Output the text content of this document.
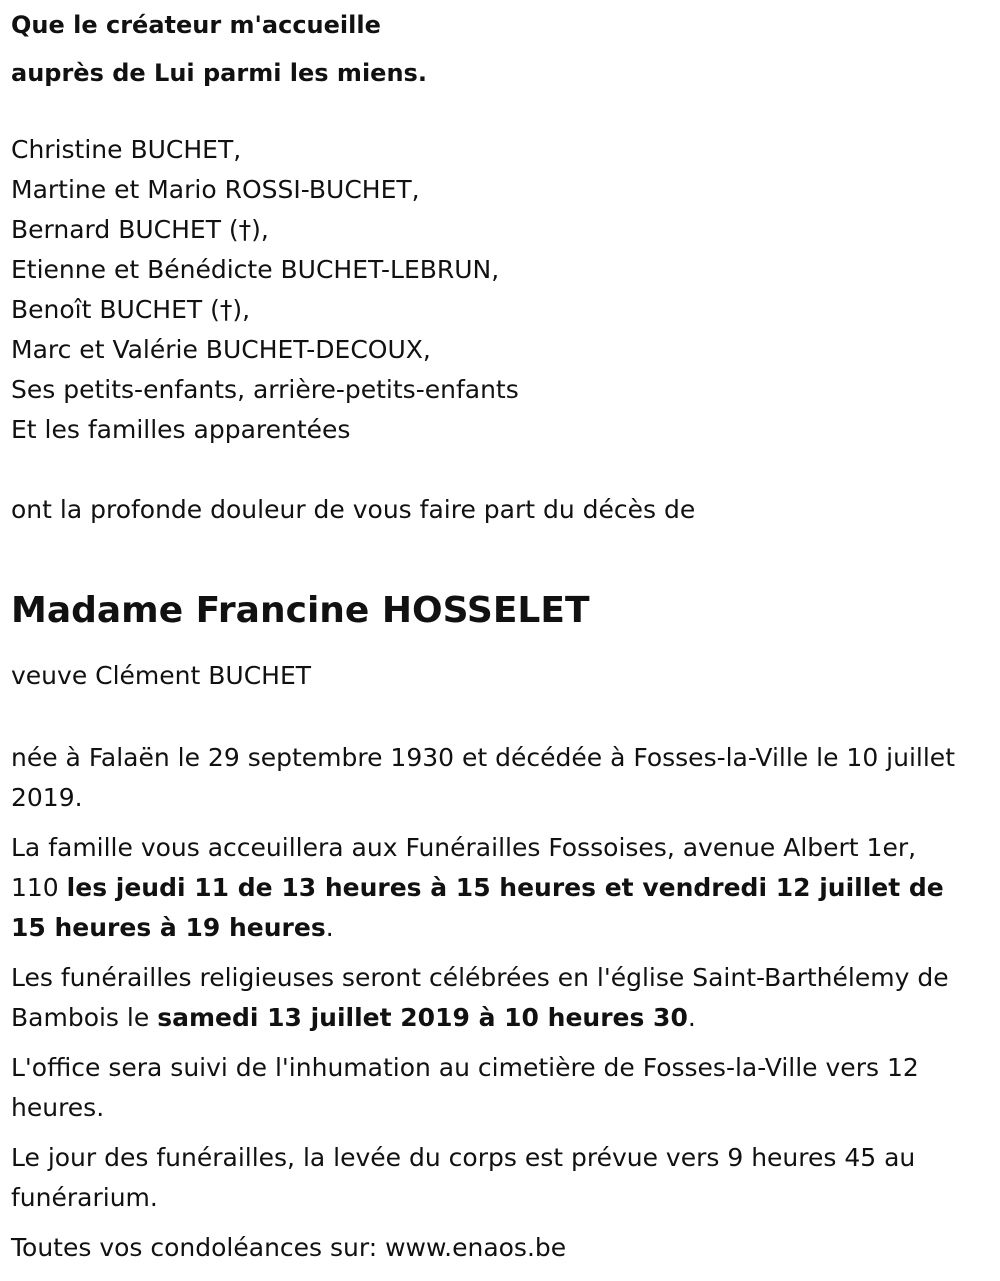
Que le créateur m'accueille

auprès de Lui parmi les miens.

Christine BUCHET,

Martine et Mario ROSSI-BUCHET,

Bernard BUCHET (†),

Etienne et Bénédicte BUCHET-LEBRUN,

Benoît BUCHET (†),

Marc et Valérie BUCHET-DECOUX,

Ses petits-enfants, arrière-petits-enfants

Et les familles apparentées

ont la profonde douleur de vous faire part du décès de

Madame Francine HOSSELET

veuve Clément BUCHET

née à Falaën le 29 septembre 1930 et décédée à Fosses-la-Ville le 10 juillet 2019.

La famille vous acceuillera aux Funérailles Fossoises, avenue Albert 1er, 110 les jeudi 11 de 13 heures à 15 heures et vendredi 12 juillet de 15 heures à 19 heures.

Les funérailles religieuses seront célébrées en l'église Saint-Barthélemy de Bambois le samedi 13 juillet 2019 à 10 heures 30.

L'office sera suivi de l'inhumation au cimetière de Fosses-la-Ville vers 12 heures.

Le jour des funérailles, la levée du corps est prévue vers 9 heures 45 au funérarium.

Toutes vos condoléances sur: www.enaos.be
